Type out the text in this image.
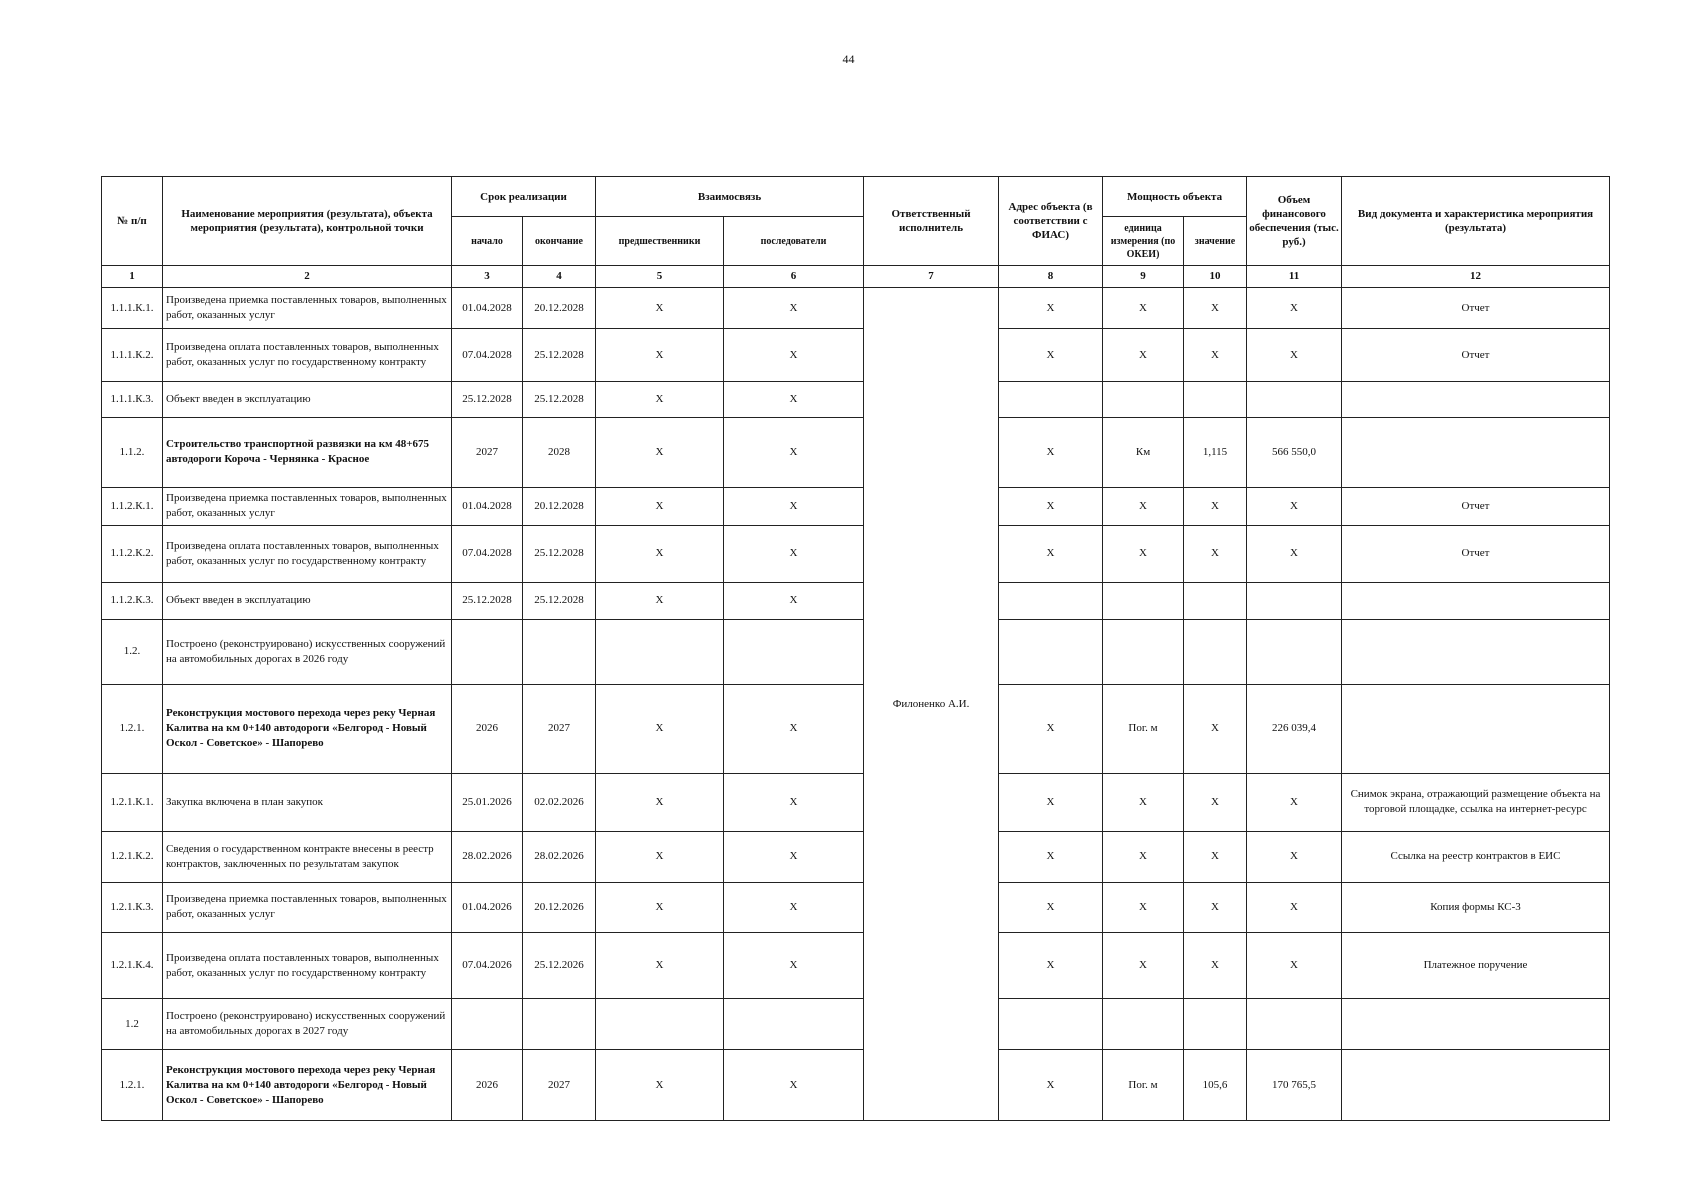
44
№ п/п	Наименование мероприятия (результата), объекта мероприятия (результата), контрольной точки	Срок реализации		Взаимосвязь		Ответственный исполнитель	Адрес объекта (в соответствии с ФИАС)	Мощность объекта		Объем финансового обеспечения (тыс. руб.)	Вид документа и характеристика мероприятия (результата)
		начало	окончание	предшественники	последователи			единица измерения (по ОКЕИ)	значение		
1	2	3	4	5	6	7	8	9	10	11	12
1.1.1.К.1.	Произведена приемка поставленных товаров, выполненных работ, оказанных услуг	01.04.2028	20.12.2028	X	X	Филоненко А.И.	X	X	X	X	Отчет
1.1.1.К.2.	Произведена оплата поставленных товаров, выполненных работ, оказанных услуг по государственному контракту	07.04.2028	25.12.2028	X	X		X	X	X	X	Отчет
1.1.1.К.3.	Объект введен в эксплуатацию	25.12.2028	25.12.2028	X	X						
1.1.2.	Строительство транспортной развязки на км 48+675 автодороги Короча - Чернянка - Красное	2027	2028	X	X		X	Км	1,115	566 550,0	
1.1.2.К.1.	Произведена приемка поставленных товаров, выполненных работ, оказанных услуг	01.04.2028	20.12.2028	X	X		X	X	X	X	Отчет
1.1.2.К.2.	Произведена оплата поставленных товаров, выполненных работ, оказанных услуг по государственному контракту	07.04.2028	25.12.2028	X	X		X	X	X	X	Отчет
1.1.2.К.3.	Объект введен в эксплуатацию	25.12.2028	25.12.2028	X	X						
1.2.	Построено (реконструировано) искусственных сооружений на автомобильных дорогах в 2026 году										
1.2.1.	Реконструкция мостового перехода через реку Черная Калитва на км 0+140 автодороги «Белгород - Новый Оскол - Советское» - Шапорево	2026	2027	X	X		X	Пог. м	X	226 039,4	
1.2.1.К.1.	Закупка включена в план закупок	25.01.2026	02.02.2026	X	X		X	X	X	X	Снимок экрана, отражающий размещение объекта на торговой площадке, ссылка на интернет-ресурс
1.2.1.К.2.	Сведения о государственном контракте внесены в реестр контрактов, заключенных по результатам закупок	28.02.2026	28.02.2026	X	X		X	X	X	X	Ссылка на реестр контрактов в ЕИС
1.2.1.К.3.	Произведена приемка поставленных товаров, выполненных работ, оказанных услуг	01.04.2026	20.12.2026	X	X		X	X	X	X	Копия формы КС-3
1.2.1.К.4.	Произведена оплата поставленных товаров, выполненных работ, оказанных услуг по государственному контракту	07.04.2026	25.12.2026	X	X		X	X	X	X	Платежное поручение
1.2	Построено (реконструировано) искусственных сооружений на автомобильных дорогах в 2027 году										
1.2.1.	Реконструкция мостового перехода через реку Черная Калитва на км 0+140 автодороги «Белгород - Новый Оскол - Советское» - Шапорево	2026	2027	X	X		X	Пог. м	105,6	170 765,5	
